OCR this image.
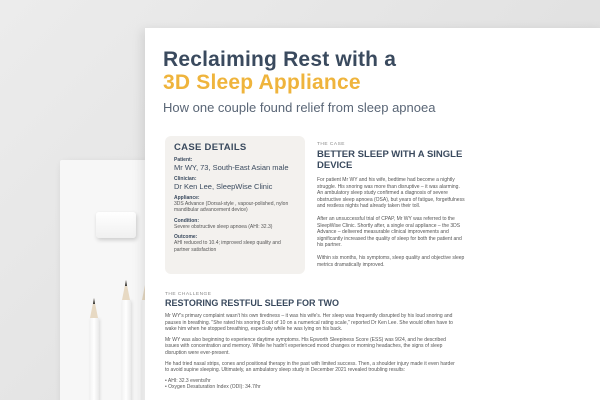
Reclaiming Rest with a
3D Sleep Appliance
How one couple found relief from sleep apnoea
CASE DETAILS
Patient:
Mr WY, 73, South-East Asian male
Clinician:
Dr Ken Lee, SleepWise Clinic
Appliance:
3DS Advance (Dorsal-style , vapour-polished, nylon mandibular advancement device)
Condition:
Severe obstructive sleep apnoea (AHI: 32.3)
Outcome:
AHI reduced to 10.4; improved sleep quality and partner satisfaction
THE CASE
BETTER SLEEP WITH A SINGLE DEVICE

For patient Mr WY and his wife, bedtime had become a nightly struggle. His snoring was more than disruptive – it was alarming. An ambulatory sleep study confirmed a diagnosis of severe obstructive sleep apnoea (OSA), but years of fatigue, forgetfulness and restless nights had already taken their toll.

After an unsuccessful trial of CPAP, Mr WY was referred to the SleepWise Clinic. Shortly after, a single oral appliance – the 3DS Advance – delivered measurable clinical improvements and significantly increased the quality of sleep for both the patient and his partner.

Within six months, his symptoms, sleep quality and objective sleep metrics dramatically improved.

THE CHALLENGE
RESTORING RESTFUL SLEEP FOR TWO

Mr WY's primary complaint wasn't his own tiredness – it was his wife's. Her sleep was frequently disrupted by his loud snoring and pauses in breathing. "She rated his snoring 8 out of 10 on a numerical rating scale," reported Dr Ken Lee. She would often have to wake him when he stopped breathing, especially while he was lying on his back.

Mr WY was also beginning to experience daytime symptoms. His Epworth Sleepiness Score (ESS) was 9/24, and he described issues with concentration and memory. While he hadn't experienced mood changes or morning headaches, the signs of sleep disruption were ever-present.

He had tried nasal strips, cones and positional therapy in the past with limited success. Then, a shoulder injury made it even harder to avoid supine sleeping. Ultimately, an ambulatory sleep study in December 2021 revealed troubling results:

• AHI: 32.3 events/hr
• Oxygen Desaturation Index (ODI): 34.7/hr
